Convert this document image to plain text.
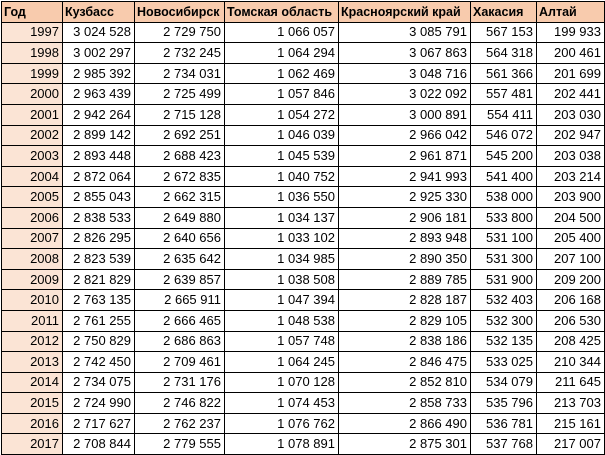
Год	Кузбасс	Новосибирск	Томская область	Красноярский край	Хакасия	Алтай
1997	3 024 528	2 729 750	1 066 057	3 085 791	567 153	199 933
1998	3 002 297	2 732 245	1 064 294	3 067 863	564 318	200 461
1999	2 985 392	2 734 031	1 062 469	3 048 716	561 366	201 699
2000	2 963 439	2 725 499	1 057 846	3 022 092	557 481	202 441
2001	2 942 264	2 715 128	1 054 272	3 000 891	554 411	203 030
2002	2 899 142	2 692 251	1 046 039	2 966 042	546 072	202 947
2003	2 893 448	2 688 423	1 045 539	2 961 871	545 200	203 038
2004	2 872 064	2 672 835	1 040 752	2 941 993	541 400	203 214
2005	2 855 043	2 662 315	1 036 550	2 925 330	538 000	203 900
2006	2 838 533	2 649 880	1 034 137	2 906 181	533 800	204 500
2007	2 826 295	2 640 656	1 033 102	2 893 948	531 100	205 400
2008	2 823 539	2 635 642	1 034 985	2 890 350	531 300	207 100
2009	2 821 829	2 639 857	1 038 508	2 889 785	531 900	209 200
2010	2 763 135	2 665 911	1 047 394	2 828 187	532 403	206 168
2011	2 761 255	2 666 465	1 048 538	2 829 105	532 300	206 530
2012	2 750 829	2 686 863	1 057 748	2 838 186	532 135	208 425
2013	2 742 450	2 709 461	1 064 245	2 846 475	533 025	210 344
2014	2 734 075	2 731 176	1 070 128	2 852 810	534 079	211 645
2015	2 724 990	2 746 822	1 074 453	2 858 733	535 796	213 703
2016	2 717 627	2 762 237	1 076 762	2 866 490	536 781	215 161
2017	2 708 844	2 779 555	1 078 891	2 875 301	537 768	217 007
